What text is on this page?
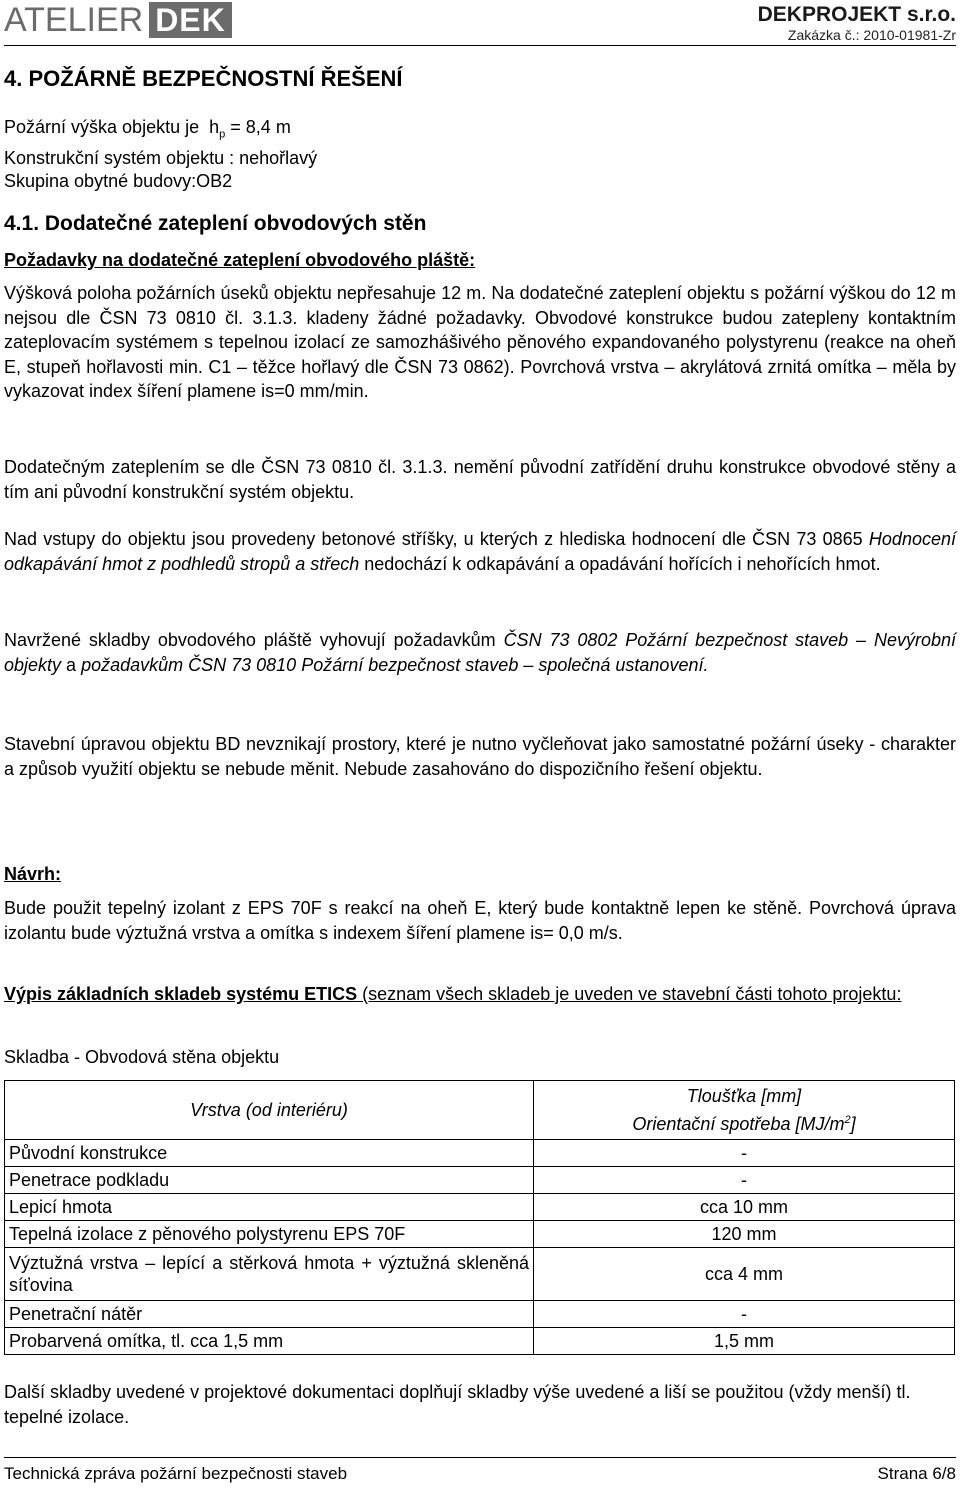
ATELIER DEK	DEKPROJEKT s.r.o.
Zakázka č.: 2010-01981-Zr
4. POŽÁRNĚ BEZPEČNOSTNÍ ŘEŠENÍ
Požární výška objektu je $h_p = 8,4$ m
Konstrukční systém objektu : nehořlavý
Skupina obytné budovy:OB2
4.1. Dodatečné zateplení obvodových stěn
Požadavky na dodatečné zateplení obvodového pláště:
Výšková poloha požárních úseků objektu nepřesahuje 12 m. Na dodatečné zateplení objektu s požární výškou do 12 m nejsou dle ČSN 73 0810 čl. 3.1.3. kladeny žádné požadavky. Obvodové konstrukce budou zatepleny kontaktním zateplovacím systémem s tepelnou izolací ze samozhášivého pěnového expandovaného polystyrenu (reakce na oheň E, stupeň hořlavosti min. C1 – těžce hořlavý dle ČSN 73 0862). Povrchová vrstva – akrylátová zrnitá omítka – měla by vykazovat index šíření plamene is=0 mm/min.
Dodatečným zateplením se dle ČSN 73 0810 čl. 3.1.3. nemění původní zatřídění druhu konstrukce obvodové stěny a tím ani původní konstrukční systém objektu.
Nad vstupy do objektu jsou provedeny betonové stříšky, u kterých z hlediska hodnocení dle ČSN 73 0865 Hodnocení odkapávání hmot z podhledů stropů a střech nedochází k odkapávání a opadávání hořících i nehořících hmot.
Navržené skladby obvodového pláště vyhovují požadavkům ČSN 73 0802 Požární bezpečnost staveb – Nevýrobní objekty a požadavkům ČSN 73 0810 Požární bezpečnost staveb – společná ustanovení.
Stavební úpravou objektu BD nevznikají prostory, které je nutno vyčleňovat jako samostatné požární úseky - charakter a způsob využití objektu se nebude měnit. Nebude zasahováno do dispozičního řešení objektu.
Návrh:
Bude použit tepelný izolant z EPS 70F s reakcí na oheň E, který bude kontaktně lepen ke stěně. Povrchová úprava izolantu bude výztužná vrstva a omítka s indexem šíření plamene is= 0,0 m/s.
Výpis základních skladeb systému ETICS (seznam všech skladeb je uveden ve stavební části tohoto projektu:
Skladba - Obvodová stěna objektu
Vrstva (od interiéru)	Tloušťka [mm]
Orientační spotřeba $[MJ/m^2]$
Původní konstrukce	-
Penetrace podkladu	-
Lepicí hmota	cca 10 mm
Tepelná izolace z pěnového polystyrenu EPS 70F	120 mm
Výztužná vrstva – lepící a stěrková hmota + výztužná skleněná síťovina	cca 4 mm
Penetrační nátěr	-
Probarvená omítka, tl. cca 1,5 mm	1,5 mm
Další skladby uvedené v projektové dokumentaci doplňují skladby výše uvedené a liší se použitou (vždy menší) tl. tepelné izolace.
Technická zpráva požární bezpečnosti staveb	Strana 6/8
